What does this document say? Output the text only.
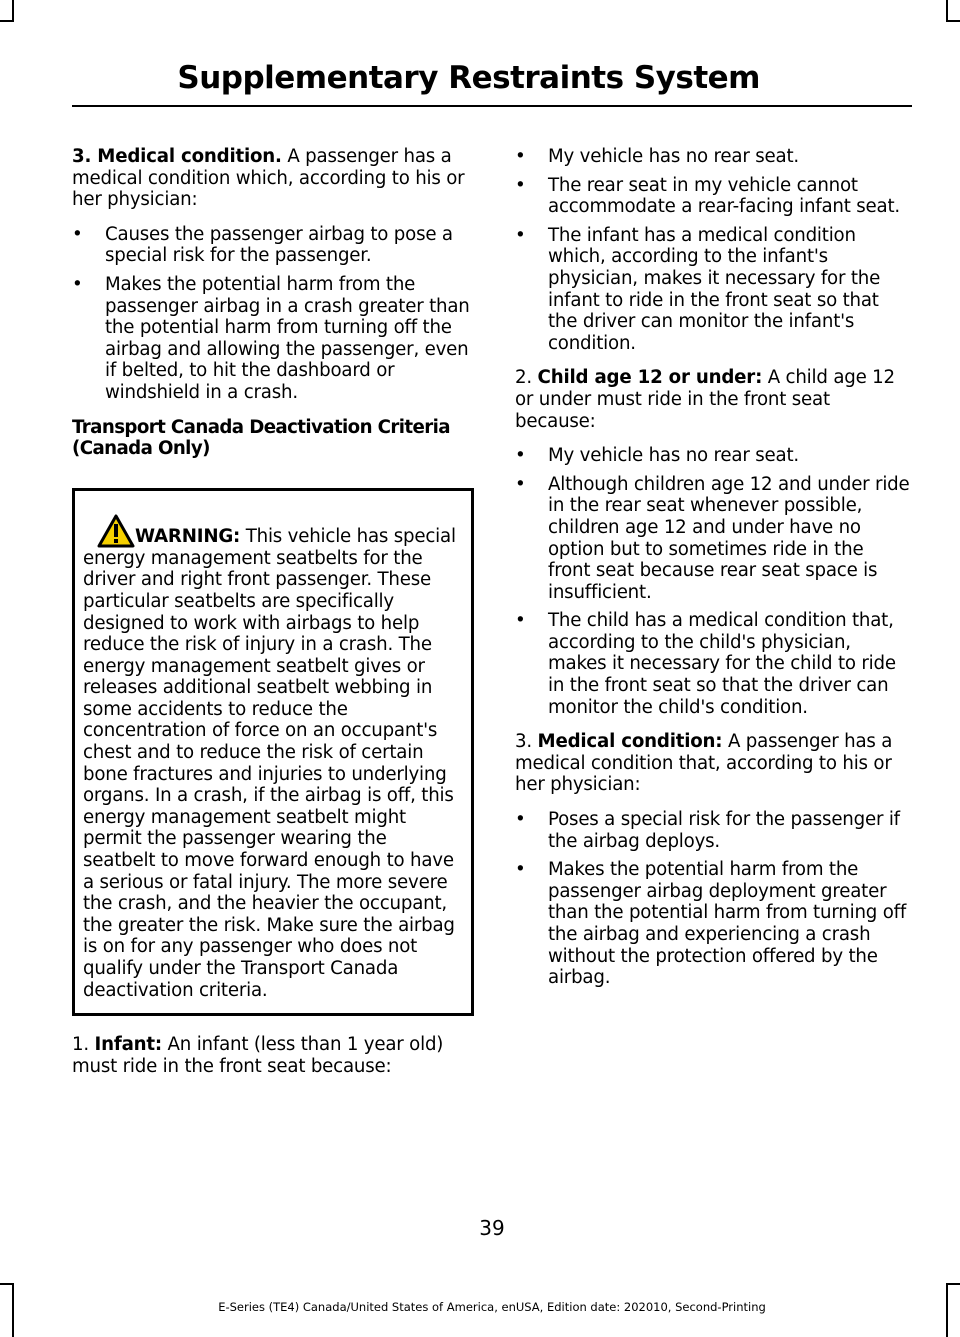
Supplementary Restraints System

3. Medical condition. A passenger has a medical condition which, according to his or her physician:

• Causes the passenger airbag to pose a special risk for the passenger.
• Makes the potential harm from the passenger airbag in a crash greater than the potential harm from turning off the airbag and allowing the passenger, even if belted, to hit the dashboard or windshield in a crash.
Transport Canada Deactivation Criteria (Canada Only)
WARNING: This vehicle has special energy management seatbelts for the driver and right front passenger. These particular seatbelts are specifically designed to work with airbags to help reduce the risk of injury in a crash. The energy management seatbelt gives or releases additional seatbelt webbing in some accidents to reduce the concentration of force on an occupant's chest and to reduce the risk of certain bone fractures and injuries to underlying organs. In a crash, if the airbag is off, this energy management seatbelt might permit the passenger wearing the seatbelt to move forward enough to have a serious or fatal injury. The more severe the crash, and the heavier the occupant, the greater the risk. Make sure the airbag is on for any passenger who does not qualify under the Transport Canada deactivation criteria.

1. Infant: An infant (less than 1 year old) must ride in the front seat because:

• My vehicle has no rear seat.
• The rear seat in my vehicle cannot accommodate a rear-facing infant seat.
• The infant has a medical condition which, according to the infant's physician, makes it necessary for the infant to ride in the front seat so that the driver can monitor the infant's condition.

2. Child age 12 or under: A child age 12 or under must ride in the front seat because:

• My vehicle has no rear seat.
• Although children age 12 and under ride in the rear seat whenever possible, children age 12 and under have no option but to sometimes ride in the front seat because rear seat space is insufficient.
• The child has a medical condition that, according to the child's physician, makes it necessary for the child to ride in the front seat so that the driver can monitor the child's condition.

3. Medical condition: A passenger has a medical condition that, according to his or her physician:

• Poses a special risk for the passenger if the airbag deploys.
• Makes the potential harm from the passenger airbag deployment greater than the potential harm from turning off the airbag and experiencing a crash without the protection offered by the airbag.
39
E-Series (TE4) Canada/United States of America, enUSA, Edition date: 202010, Second-Printing
